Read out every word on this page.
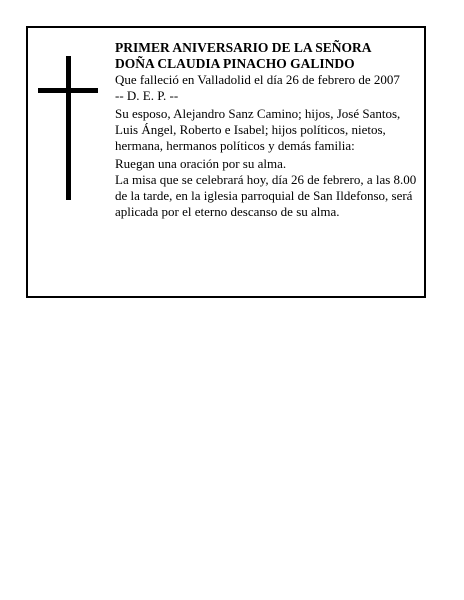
PRIMER ANIVERSARIO DE LA SEÑORA

DOÑA CLAUDIA PINACHO GALINDO

Que falleció en Valladolid el día 26 de febrero de 2007

-- D. E. P. --

Su esposo, Alejandro Sanz Camino; hijos, José Santos, Luis Ángel, Roberto e Isabel; hijos políticos, nietos, hermana, hermanos políticos y demás familia:

Ruegan una oración por su alma.

La misa que se celebrará hoy, día 26 de febrero, a las 8.00 de la tarde, en la iglesia parroquial de San Ildefonso, será aplicada por el eterno descanso de su alma.
